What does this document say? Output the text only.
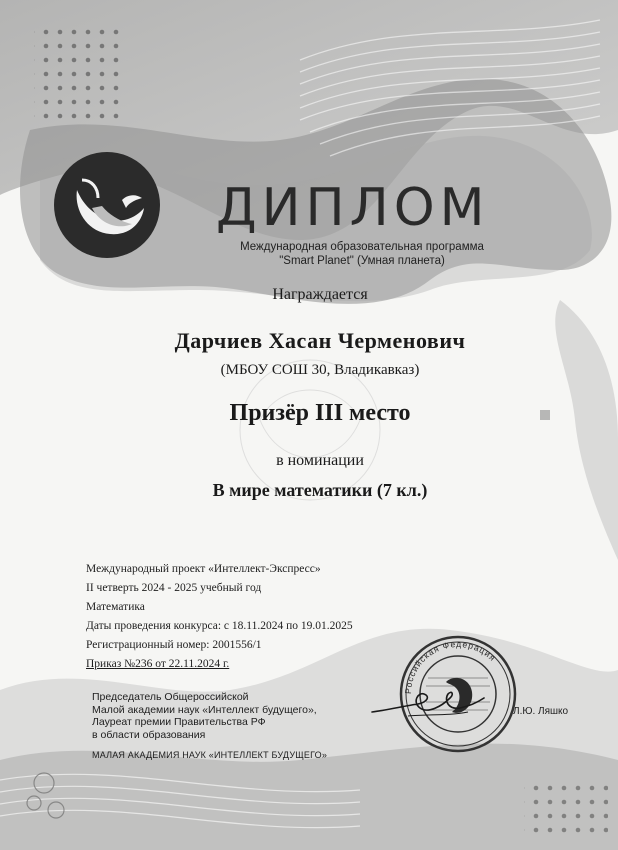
ДИПЛОМ
Международная образовательная программа
"Smart Planet" (Умная планета)
Награждается
Дарчиев Хасан Черменович
(МБОУ СОШ 30, Владикавказ)
Призёр III место
в номинации
В мире математики (7 кл.)
Международный проект «Интеллект-Экспресс»
II четверть 2024 - 2025 учебный год
Математика
Даты проведения конкурса: с 18.11.2024 по 19.01.2025
Регистрационный номер: 2001556/1
Приказ №236 от 22.11.2024 г.
Председатель Общероссийской
Малой академии наук «Интеллект будущего»,
Лауреат премии Правительства РФ
в области образования
Российская Федерация
Л.Ю. Ляшко
МАЛАЯ АКАДЕМИЯ НАУК «ИНТЕЛЛЕКТ БУДУЩЕГО»
